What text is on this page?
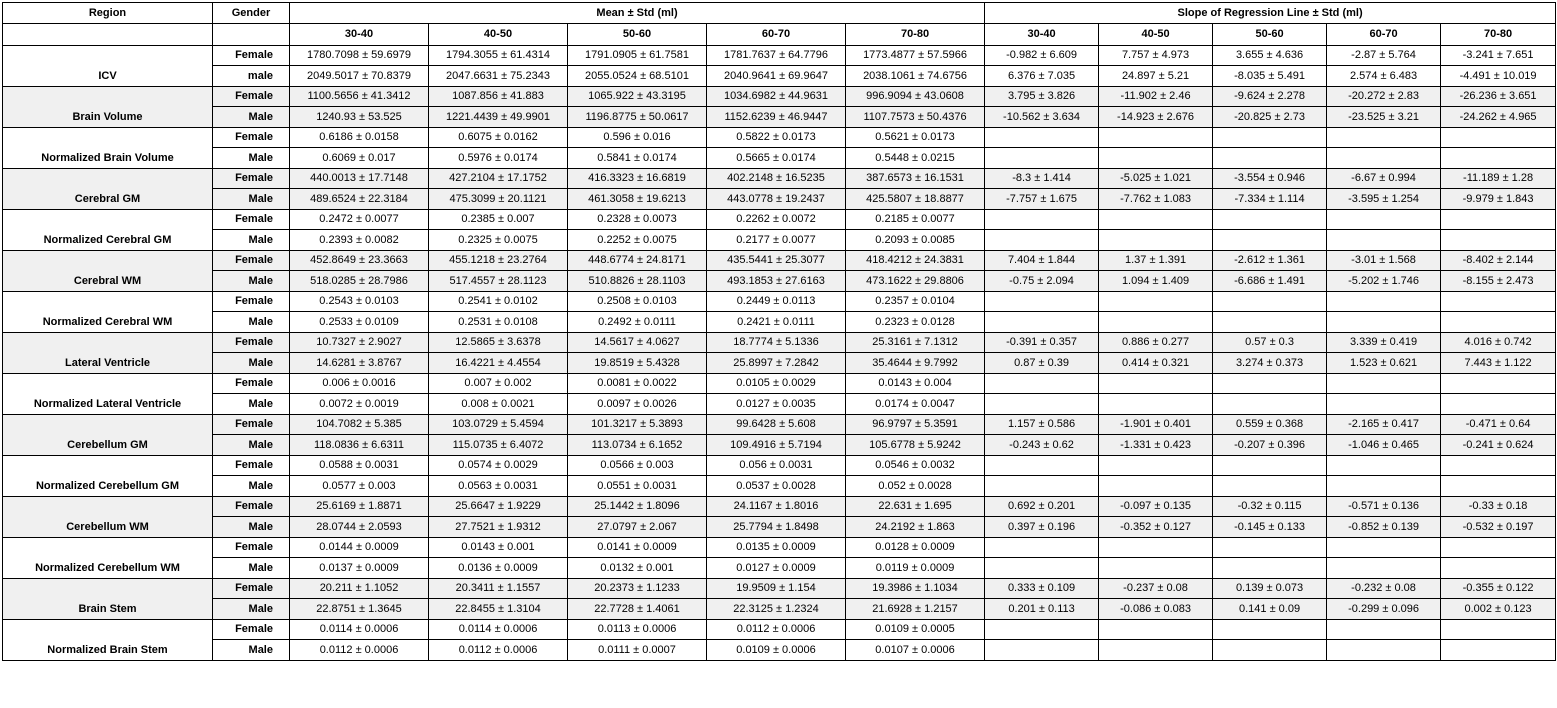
Region	Gender	Mean ± Std (ml)					Slope of Regression Line ± Std (ml)				
		30-40	40-50	50-60	60-70	70-80	30-40	40-50	50-60	60-70	70-80
ICV	Female	1780.7098 ± 59.6979	1794.3055 ± 61.4314	1791.0905 ± 61.7581	1781.7637 ± 64.7796	1773.4877 ± 57.5966	-0.982 ± 6.609	7.757 ± 4.973	3.655 ± 4.636	-2.87 ± 5.764	-3.241 ± 7.651
	male	2049.5017 ± 70.8379	2047.6631 ± 75.2343	2055.0524 ± 68.5101	2040.9641 ± 69.9647	2038.1061 ± 74.6756	6.376 ± 7.035	24.897 ± 5.21	-8.035 ± 5.491	2.574 ± 6.483	-4.491 ± 10.019
Brain Volume	Female	1100.5656 ± 41.3412	1087.856 ± 41.883	1065.922 ± 43.3195	1034.6982 ± 44.9631	996.9094 ± 43.0608	3.795 ± 3.826	-11.902 ± 2.46	-9.624 ± 2.278	-20.272 ± 2.83	-26.236 ± 3.651
	Male	1240.93 ± 53.525	1221.4439 ± 49.9901	1196.8775 ± 50.0617	1152.6239 ± 46.9447	1107.7573 ± 50.4376	-10.562 ± 3.634	-14.923 ± 2.676	-20.825 ± 2.73	-23.525 ± 3.21	-24.262 ± 4.965
Normalized Brain Volume	Female	0.6186 ± 0.0158	0.6075 ± 0.0162	0.596 ± 0.016	0.5822 ± 0.0173	0.5621 ± 0.0173					
	Male	0.6069 ± 0.017	0.5976 ± 0.0174	0.5841 ± 0.0174	0.5665 ± 0.0174	0.5448 ± 0.0215					
Cerebral GM	Female	440.0013 ± 17.7148	427.2104 ± 17.1752	416.3323 ± 16.6819	402.2148 ± 16.5235	387.6573 ± 16.1531	-8.3 ± 1.414	-5.025 ± 1.021	-3.554 ± 0.946	-6.67 ± 0.994	-11.189 ± 1.28
	Male	489.6524 ± 22.3184	475.3099 ± 20.1121	461.3058 ± 19.6213	443.0778 ± 19.2437	425.5807 ± 18.8877	-7.757 ± 1.675	-7.762 ± 1.083	-7.334 ± 1.114	-3.595 ± 1.254	-9.979 ± 1.843
Normalized Cerebral GM	Female	0.2472 ± 0.0077	0.2385 ± 0.007	0.2328 ± 0.0073	0.2262 ± 0.0072	0.2185 ± 0.0077					
	Male	0.2393 ± 0.0082	0.2325 ± 0.0075	0.2252 ± 0.0075	0.2177 ± 0.0077	0.2093 ± 0.0085					
Cerebral WM	Female	452.8649 ± 23.3663	455.1218 ± 23.2764	448.6774 ± 24.8171	435.5441 ± 25.3077	418.4212 ± 24.3831	7.404 ± 1.844	1.37 ± 1.391	-2.612 ± 1.361	-3.01 ± 1.568	-8.402 ± 2.144
	Male	518.0285 ± 28.7986	517.4557 ± 28.1123	510.8826 ± 28.1103	493.1853 ± 27.6163	473.1622 ± 29.8806	-0.75 ± 2.094	1.094 ± 1.409	-6.686 ± 1.491	-5.202 ± 1.746	-8.155 ± 2.473
Normalized Cerebral WM	Female	0.2543 ± 0.0103	0.2541 ± 0.0102	0.2508 ± 0.0103	0.2449 ± 0.0113	0.2357 ± 0.0104					
	Male	0.2533 ± 0.0109	0.2531 ± 0.0108	0.2492 ± 0.0111	0.2421 ± 0.0111	0.2323 ± 0.0128					
Lateral Ventricle	Female	10.7327 ± 2.9027	12.5865 ± 3.6378	14.5617 ± 4.0627	18.7774 ± 5.1336	25.3161 ± 7.1312	-0.391 ± 0.357	0.886 ± 0.277	0.57 ± 0.3	3.339 ± 0.419	4.016 ± 0.742
	Male	14.6281 ± 3.8767	16.4221 ± 4.4554	19.8519 ± 5.4328	25.8997 ± 7.2842	35.4644 ± 9.7992	0.87 ± 0.39	0.414 ± 0.321	3.274 ± 0.373	1.523 ± 0.621	7.443 ± 1.122
Normalized Lateral Ventricle	Female	0.006 ± 0.0016	0.007 ± 0.002	0.0081 ± 0.0022	0.0105 ± 0.0029	0.0143 ± 0.004					
	Male	0.0072 ± 0.0019	0.008 ± 0.0021	0.0097 ± 0.0026	0.0127 ± 0.0035	0.0174 ± 0.0047					
Cerebellum GM	Female	104.7082 ± 5.385	103.0729 ± 5.4594	101.3217 ± 5.3893	99.6428 ± 5.608	96.9797 ± 5.3591	1.157 ± 0.586	-1.901 ± 0.401	0.559 ± 0.368	-2.165 ± 0.417	-0.471 ± 0.64
	Male	118.0836 ± 6.6311	115.0735 ± 6.4072	113.0734 ± 6.1652	109.4916 ± 5.7194	105.6778 ± 5.9242	-0.243 ± 0.62	-1.331 ± 0.423	-0.207 ± 0.396	-1.046 ± 0.465	-0.241 ± 0.624
Normalized Cerebellum GM	Female	0.0588 ± 0.0031	0.0574 ± 0.0029	0.0566 ± 0.003	0.056 ± 0.0031	0.0546 ± 0.0032					
	Male	0.0577 ± 0.003	0.0563 ± 0.0031	0.0551 ± 0.0031	0.0537 ± 0.0028	0.052 ± 0.0028					
Cerebellum WM	Female	25.6169 ± 1.8871	25.6647 ± 1.9229	25.1442 ± 1.8096	24.1167 ± 1.8016	22.631 ± 1.695	0.692 ± 0.201	-0.097 ± 0.135	-0.32 ± 0.115	-0.571 ± 0.136	-0.33 ± 0.18
	Male	28.0744 ± 2.0593	27.7521 ± 1.9312	27.0797 ± 2.067	25.7794 ± 1.8498	24.2192 ± 1.863	0.397 ± 0.196	-0.352 ± 0.127	-0.145 ± 0.133	-0.852 ± 0.139	-0.532 ± 0.197
Normalized Cerebellum WM	Female	0.0144 ± 0.0009	0.0143 ± 0.001	0.0141 ± 0.0009	0.0135 ± 0.0009	0.0128 ± 0.0009					
	Male	0.0137 ± 0.0009	0.0136 ± 0.0009	0.0132 ± 0.001	0.0127 ± 0.0009	0.0119 ± 0.0009					
Brain Stem	Female	20.211 ± 1.1052	20.3411 ± 1.1557	20.2373 ± 1.1233	19.9509 ± 1.154	19.3986 ± 1.1034	0.333 ± 0.109	-0.237 ± 0.08	0.139 ± 0.073	-0.232 ± 0.08	-0.355 ± 0.122
	Male	22.8751 ± 1.3645	22.8455 ± 1.3104	22.7728 ± 1.4061	22.3125 ± 1.2324	21.6928 ± 1.2157	0.201 ± 0.113	-0.086 ± 0.083	0.141 ± 0.09	-0.299 ± 0.096	0.002 ± 0.123
Normalized Brain Stem	Female	0.0114 ± 0.0006	0.0114 ± 0.0006	0.0113 ± 0.0006	0.0112 ± 0.0006	0.0109 ± 0.0005					
	Male	0.0112 ± 0.0006	0.0112 ± 0.0006	0.0111 ± 0.0007	0.0109 ± 0.0006	0.0107 ± 0.0006					
